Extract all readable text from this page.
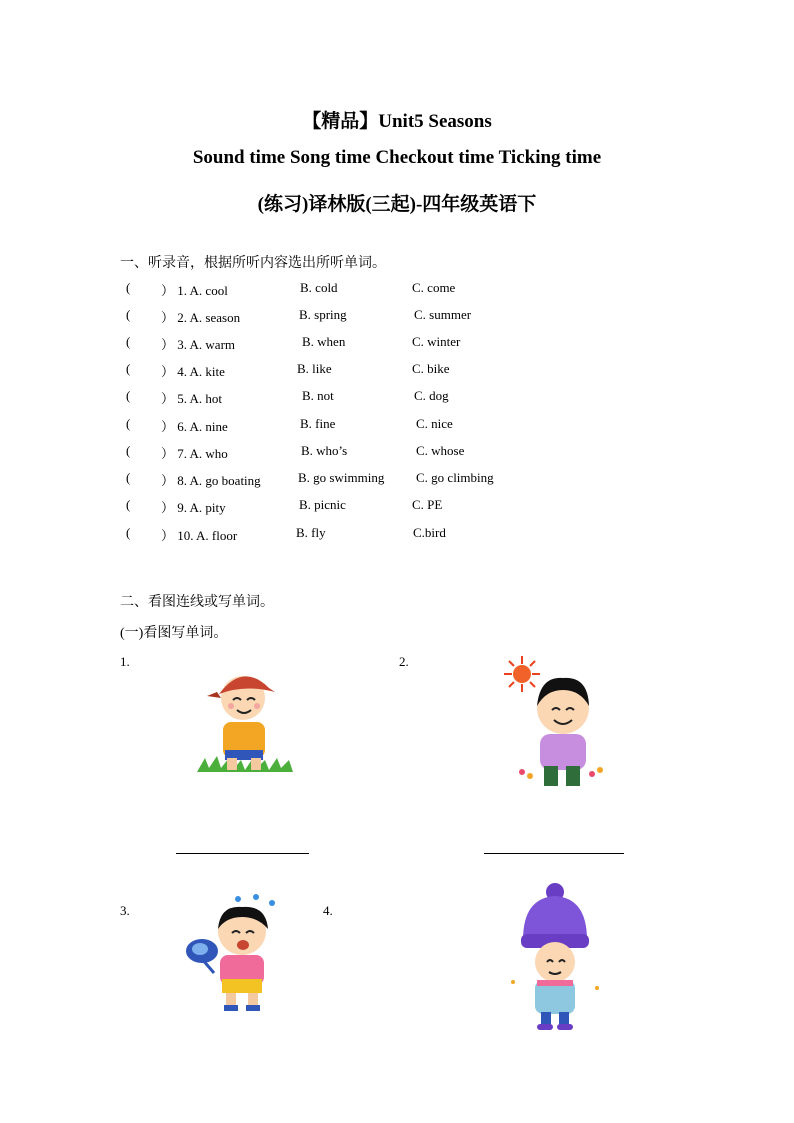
【精品】Unit5 Seasons
Sound time Song time Checkout time Ticking time
(练习)译林版(三起)-四年级英语下
一、听录音，根据所听内容选出所听单词。
( ） 1. A. cool	B. cold	C. come
( ） 2. A. season	B. spring	C. summer
( ） 3. A. warm	B. when	C. winter
( ） 4. A. kite	B. like	C. bike
( ） 5. A. hot	B. not	C. dog
( ） 6. A. nine	B. fine	C. nice
( ） 7. A. who	B. who’s	C. whose
( ） 8. A. go boating	B. go swimming C. go climbing
( ） 9. A. pity	B. picnic	C. PE
( ） 10. A. floor	B. fly	C.bird
二、看图连线或写单词。
(一)看图写单词。
1.	2.
3.	4.
